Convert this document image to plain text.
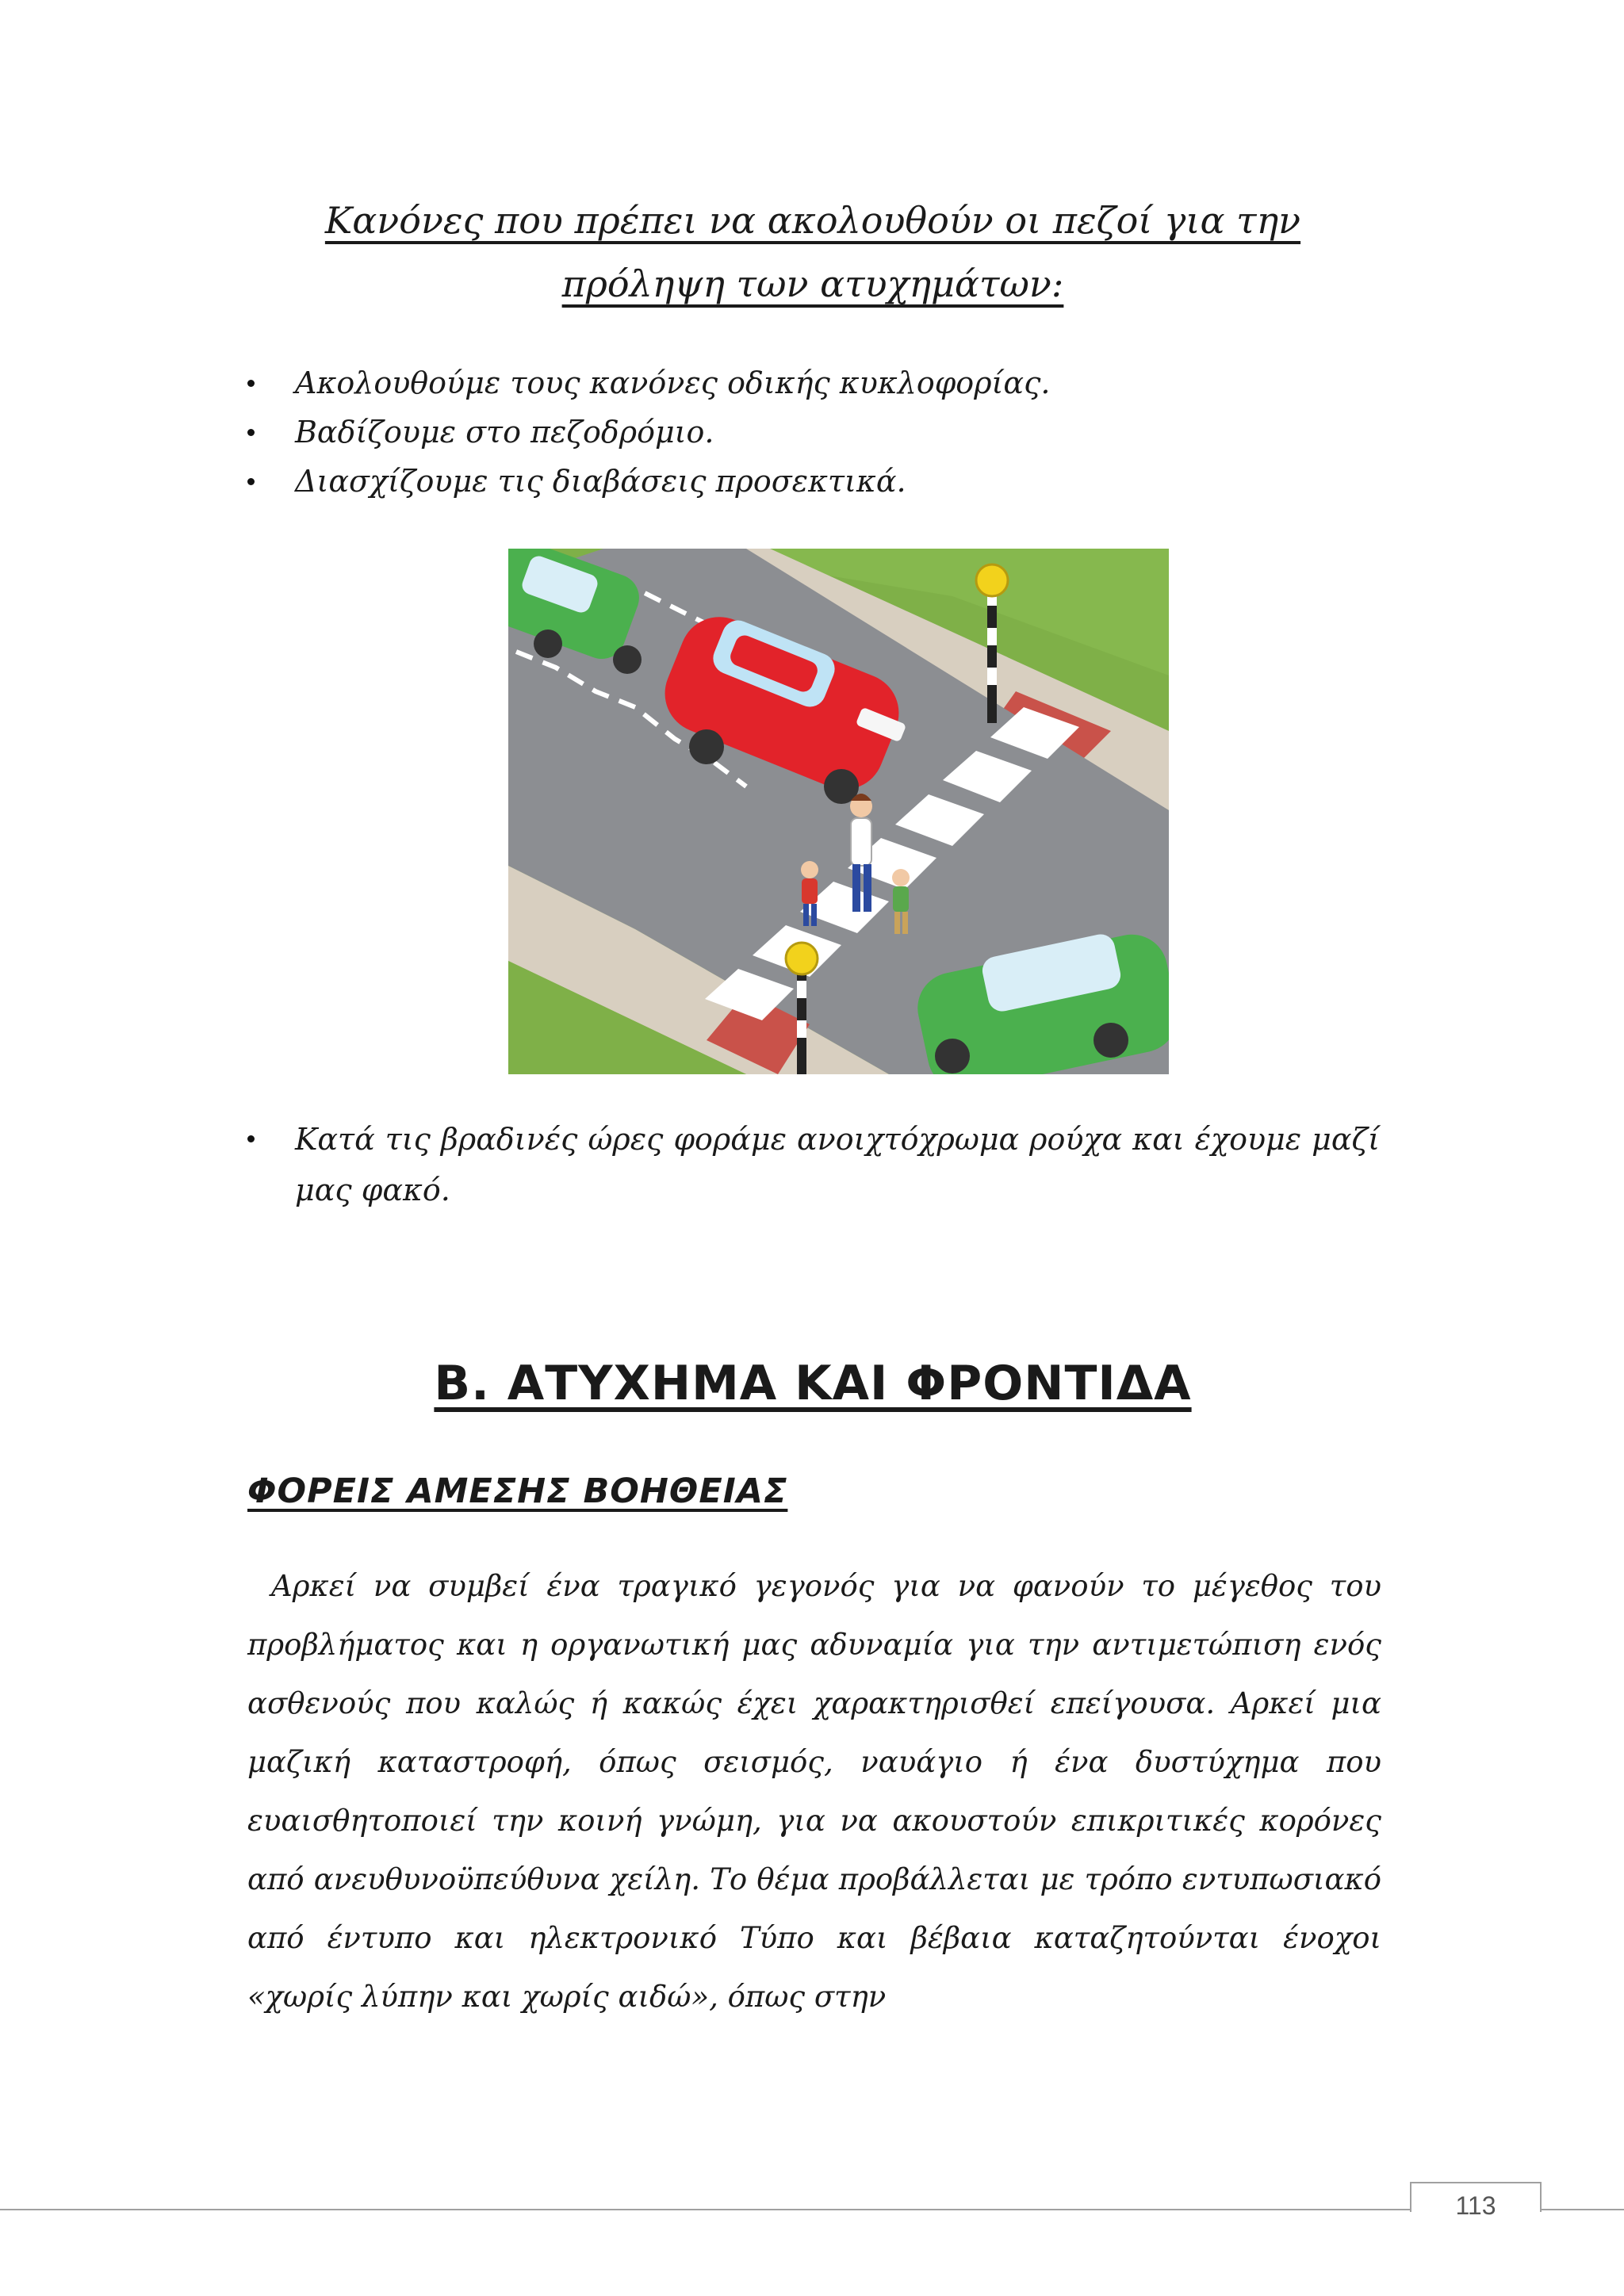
Κανόνες που πρέπει να ακολουθούν οι πεζοί για την
πρόληψη των ατυχημάτων:
Ακολουθούμε τους κανόνες οδικής κυκλοφορίας.
Βαδίζουμε στο πεζοδρόμιο.
Διασχίζουμε τις διαβάσεις προσεκτικά.
Κατά τις βραδινές ώρες φοράμε ανοιχτόχρωμα ρούχα και έχουμε μαζί μας φακό.
Β. ΑΤΥΧΗΜΑ ΚΑΙ ΦΡΟΝΤΙΔΑ
ΦΟΡΕΙΣ ΑΜΕΣΗΣ ΒΟΗΘΕΙΑΣ

Αρκεί να συμβεί ένα τραγικό γεγονός για να φανούν το μέγεθος του προβλήματος και η οργανωτική μας αδυναμία για την αντιμετώπιση ενός ασθενούς που καλώς ή κακώς έχει χαρακτηρισθεί επείγουσα. Αρκεί μια μαζική καταστροφή, όπως σεισμός, ναυάγιο ή ένα δυστύχημα που ευαισθητοποιεί την κοινή γνώμη, για να ακουστούν επικριτικές κορόνες από ανευθυνοϋπεύθυνα χείλη. Το θέμα προβάλλεται με τρόπο εντυπωσιακό από έντυπο και ηλεκτρονικό Τύπο και βέβαια καταζητούνται ένοχοι «χωρίς λύπην και χωρίς αιδώ», όπως στην

113
